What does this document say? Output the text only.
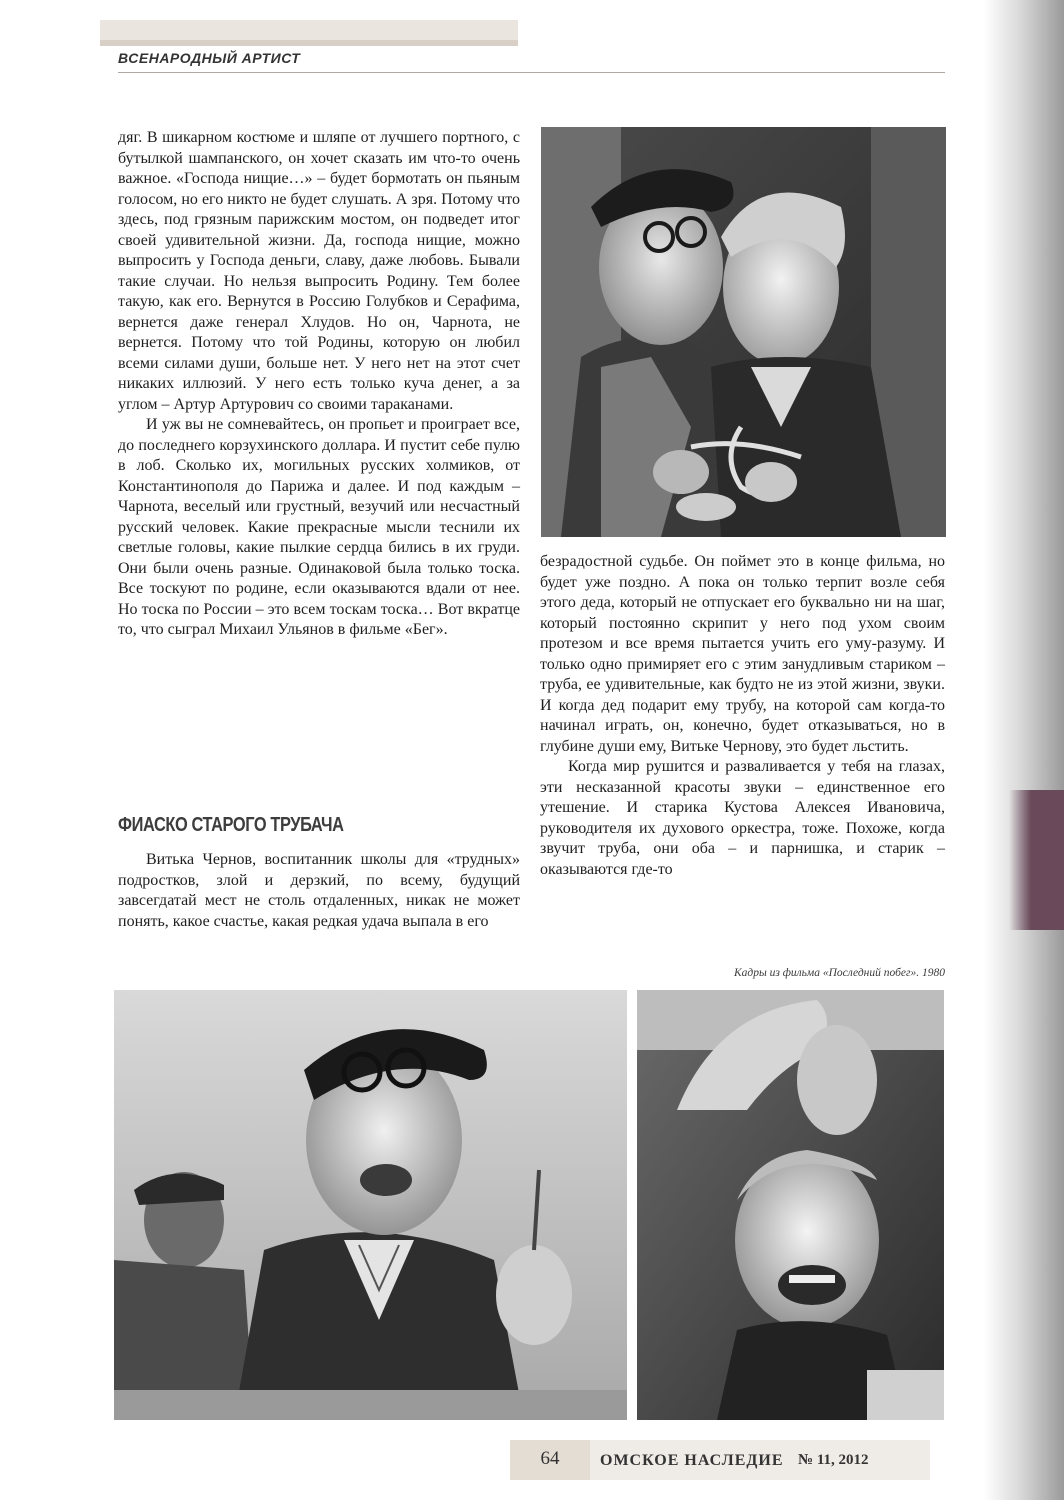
ВСЕНАРОДНЫЙ АРТИСТ

дяг. В шикарном костюме и шляпе от лучшего портного, с бутылкой шампанского, он хочет сказать им что-то очень важное. «Господа нищие…» – будет бормотать он пьяным голосом, но его никто не будет слушать. А зря. Потому что здесь, под грязным парижским мостом, он подведет итог своей удивительной жизни. Да, господа нищие, можно выпросить у Господа деньги, славу, даже любовь. Бывали такие случаи. Но нельзя выпросить Родину. Тем более такую, как его. Вернутся в Россию Голубков и Серафима, вернется даже генерал Хлудов. Но он, Чарнота, не вернется. Потому что той Родины, которую он любил всеми силами души, больше нет. У него нет на этот счет никаких иллюзий. У него есть только куча денег, а за углом – Артур Артурович со своими тараканами.

И уж вы не сомневайтесь, он пропьет и проиграет все, до последнего корзухинского доллара. И пустит себе пулю в лоб. Сколько их, могильных русских холмиков, от Константинополя до Парижа и далее. И под каждым – Чарнота, веселый или грустный, везучий или несчастный русский человек. Какие прекрасные мысли теснили их светлые головы, какие пылкие сердца бились в их груди. Они были очень разные. Одинаковой была только тоска. Все тоскуют по родине, если оказываются вдали от нее. Но тоска по России – это всем тоскам тоска… Вот вкратце то, что сыграл Михаил Ульянов в фильме «Бег».

ФИАСКО СТАРОГО ТРУБАЧА

Витька Чернов, воспитанник школы для «трудных» подростков, злой и дерзкий, по всему, будущий завсегдатай мест не столь отдаленных, никак не может понять, какое счастье, какая редкая удача выпала в его

безрадостной судьбе. Он поймет это в конце фильма, но будет уже поздно. А пока он только терпит возле себя этого деда, который не отпускает его буквально ни на шаг, который постоянно скрипит у него под ухом своим протезом и все время пытается учить его уму-разуму. И только одно примиряет его с этим занудливым стариком – труба, ее удивительные, как будто не из этой жизни, звуки. И когда дед подарит ему трубу, на которой сам когда-то начинал играть, он, конечно, будет отказываться, но в глубине души ему, Витьке Чернову, это будет льстить.

Когда мир рушится и разваливается у тебя на глазах, эти несказанной красоты звуки – единственное его утешение. И старика Кустова Алексея Ивановича, руководителя их духового оркестра, тоже. Похоже, когда звучит труба, они оба – и парнишка, и старик – оказываются где-то

Кадры из фильма «Последний побег». 1980
64	ОМСКОЕ НАСЛЕДИЕ № 11, 2012
